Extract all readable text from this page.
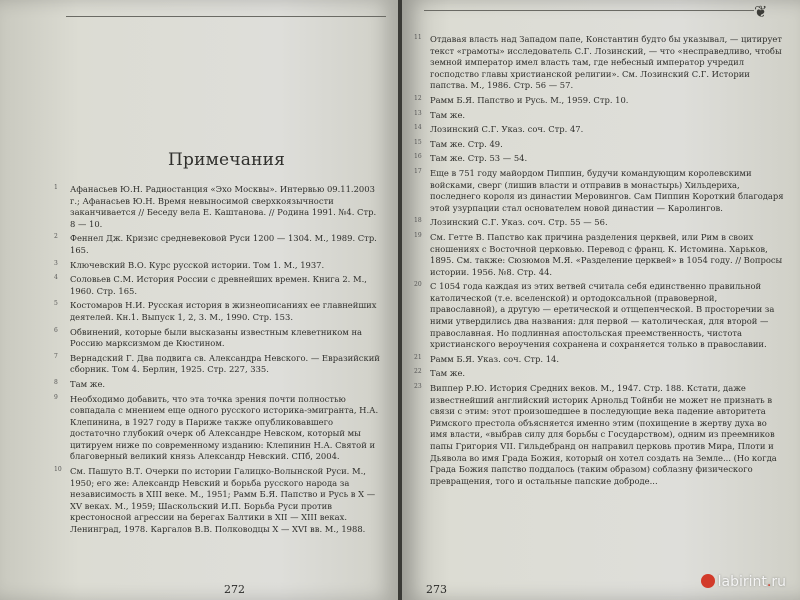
Примечания
1 Афанасьев Ю.Н. Радиостанция «Эхо Москвы». Интервью 09.11.2003 г.; Афанасьев Ю.Н. Время невыносимой сверхкоязычности заканчивается // Беседу вела Е. Каштанова. // Родина 1991. №4. Стр. 8 — 10.
2 Феннел Дж. Кризис средневековой Руси 1200 — 1304. М., 1989. Стр. 165.
3 Ключевский В.О. Курс русской истории. Том 1. М., 1937.
4 Соловьев С.М. История России с древнейших времен. Книга 2. М., 1960. Стр. 165.
5 Костомаров Н.И. Русская история в жизнеописаниях ее главнейших деятелей. Кн.1. Выпуск 1, 2, 3. М., 1990. Стр. 153.
6 Обвинений, которые были высказаны известным клеветником на Россию марксизмом де Кюстином.
7 Вернадский Г. Два подвига св. Александра Невского. — Евразийский сборник. Том 4. Берлин, 1925. Стр. 227, 335.
8 Там же.
9 Необходимо добавить, что эта точка зрения почти полностью совпадала с мнением еще одного русского историка-эмигранта, Н.А. Клепинина, в 1927 году в Париже также опубликовавшего достаточно глубокий очерк об Александре Невском, который мы цитируем ниже по современному изданию: Клепинин Н.А. Святой и благоверный великий князь Александр Невский. СПб, 2004.
10 См. Пашуто В.Т. Очерки по истории Галицко-Волынской Руси. М., 1950; его же: Александр Невский и борьба русского народа за независимость в XIII веке. М., 1951; Рамм Б.Я. Папство и Русь в X — XV веках. М., 1959; Шаскольский И.П. Борьба Руси против крестоносной агрессии на берегах Балтики в XII — XIII веках. Ленинград, 1978. Каргалов В.В. Полководцы X — XVI вв. М., 1988.
272
❦
11 Отдавая власть над Западом папе, Константин будто бы указывал, — цитирует текст «грамоты» исследователь С.Г. Лозинский, — что «несправедливо, чтобы земной император имел власть там, где небесный император учредил господство главы христианской религии». См. Лозинский С.Г. Истории папства. М., 1986. Стр. 56 — 57.
12 Рамм Б.Я. Папство и Русь. М., 1959. Стр. 10.
13 Там же.
14 Лозинский С.Г. Указ. соч. Стр. 47.
15 Там же. Стр. 49.
16 Там же. Стр. 53 — 54.
17 Еще в 751 году майордом Пиппин, будучи командующим королевскими войсками, сверг (лишив власти и отправив в монастырь) Хильдериха, последнего короля из династии Меровингов. Сам Пиппин Короткий благодаря этой узурпации стал основателем новой династии — Каролингов.
18 Лозинский С.Г. Указ. соч. Стр. 55 — 56.
19 См. Гетте В. Папство как причина разделения церквей, или Рим в своих сношениях с Восточной церковью. Перевод с франц. К. Истомина. Харьков, 1895. См. также: Сюзюмов М.Я. «Разделение церквей» в 1054 году. // Вопросы истории. 1956. №8. Стр. 44.
20 С 1054 года каждая из этих ветвей считала себя единственно правильной католической (т.е. вселенской) и ортодоксальной (правоверной, православной), а другую — еретической и отщепенческой. В просторечии за ними утвердились два названия: для первой — католическая, для второй — православная. Но подлинная апостольская преемственность, чистота христианского вероучения сохранена и сохраняется только в православии.
21 Рамм Б.Я. Указ. соч. Стр. 14.
22 Там же.
23 Виппер Р.Ю. История Средних веков. М., 1947. Стр. 188. Кстати, даже известнейший английский историк Арнольд Тойнби не может не признать в связи с этим: этот произошедшее в последующие века падение авторитета Римского престола объясняется именно этим (похищение в жертву духа во имя власти, «выбрав силу для борьбы с Государством), одним из преемников папы Григория VII. Гильдебранд он направил церковь против Мира, Плоти и Дьявола во имя Града Божия, который он хотел создать на Земле... (Но когда Града Божия папство поддалось (таким образом) соблазну физического превращения, того и остальные папские доброде...
273	labirint.ru
